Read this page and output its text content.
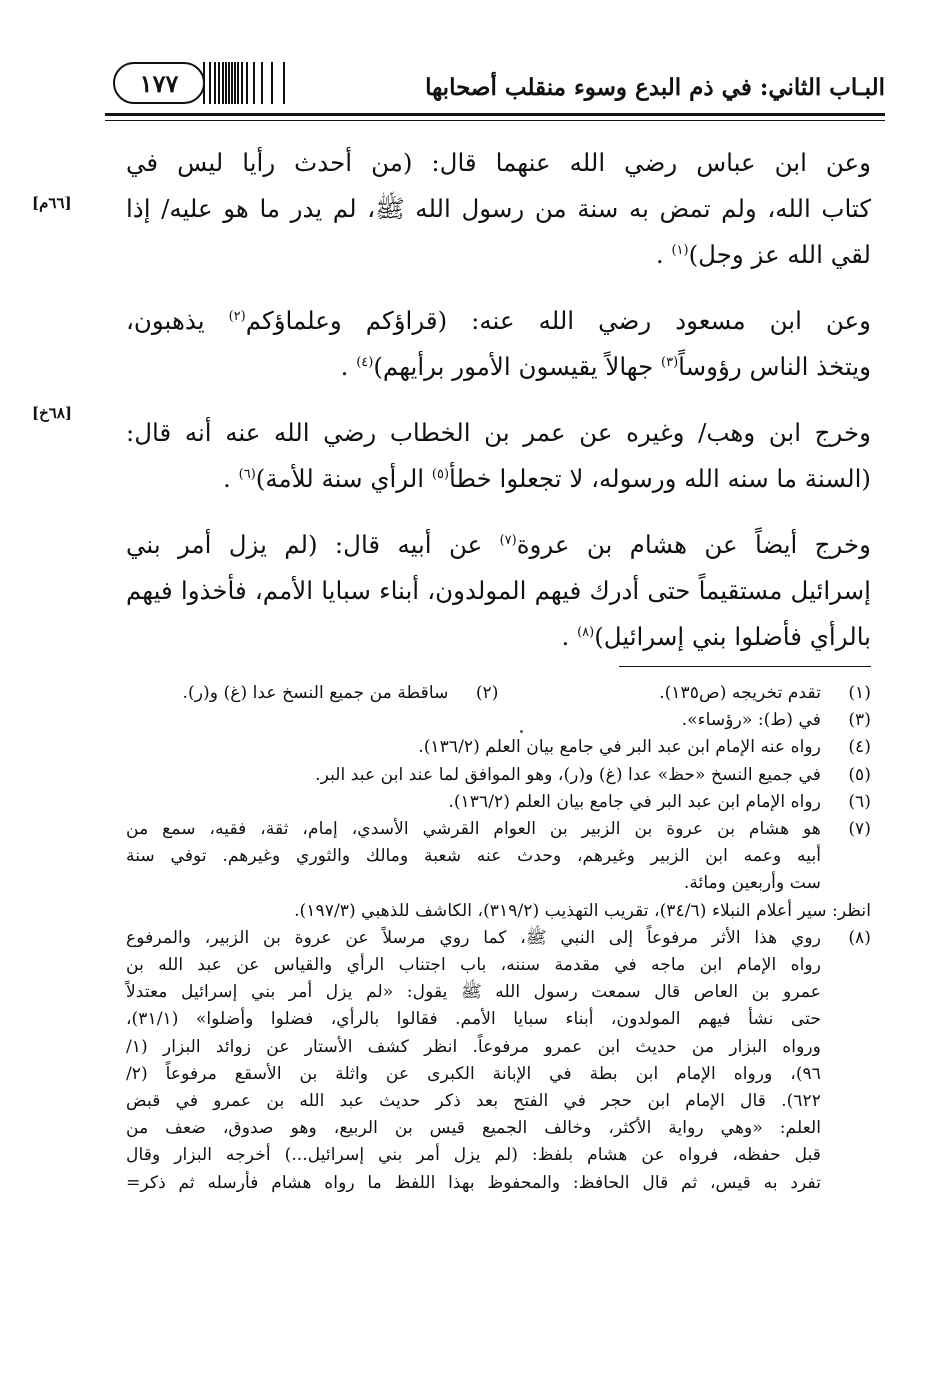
البـاب الثاني: في ذم البدع وسوء منقلب أصحابها
١٧٧
[٦٦م]
[٦٨خ]
وعن ابن عباس رضي الله عنهما قال: (من أحدث رأيا ليس في
كتاب الله، ولم تمض به سنة من رسول الله ﷺ، لم يدر ما هو عليه/ إذا
لقي الله عز وجل)$^{(١)}$ .
وعن ابن مسعود رضي الله عنه: (قراؤكم وعلماؤكم$^{(٢)}$ يذهبون،
ويتخذ الناس رؤوساً$^{(٣)}$ جهالاً يقيسون الأمور برأيهم)$^{(٤)}$ .
وخرج ابن وهب/ وغيره عن عمر بن الخطاب رضي الله عنه أنه قال:
(السنة ما سنه الله ورسوله، لا تجعلوا خطأ$^{(٥)}$ الرأي سنة للأمة)$^{(٦)}$ .
وخرج أيضاً عن هشام بن عروة$^{(٧)}$ عن أبيه قال: (لم يزل أمر بني
إسرائيل مستقيماً حتى أدرك فيهم المولدون، أبناء سبايا الأمم، فأخذوا فيهم
بالرأي فأضلوا بني إسرائيل)$^{(٨)}$ .
(١)
تقدم تخريجه (ص١٣٥).
(٢)
ساقطة من جميع النسخ عدا (غ) و(ر).
(٣)
في (ط): «رؤساء».
(٤)
رواه عنه الإمام ابن عبد البر في جامع بيان العلم (١٣٦/٢).
(٥)
في جميع النسخ «حظ» عدا (غ) و(ر)، وهو الموافق لما عند ابن عبد البر.
(٦)
رواه الإمام ابن عبد البر في جامع بيان العلم (١٣٦/٢).
(٧)
هو هشام بن عروة بن الزبير بن العوام القرشي الأسدي، إمام، ثقة، فقيه، سمع من
أبيه وعمه ابن الزبير وغيرهم، وحدث عنه شعبة ومالك والثوري وغيرهم. توفي سنة
ست وأربعين ومائة.
انظر: سير أعلام النبلاء (٣٤/٦)، تقريب التهذيب (٣١٩/٢)، الكاشف للذهبي (١٩٧/٣).
(٨)
روي هذا الأثر مرفوعاً إلى النبي ﷺ، كما روي مرسلاً عن عروة بن الزبير، والمرفوع
رواه الإمام ابن ماجه في مقدمة سننه، باب اجتناب الرأي والقياس عن عبد الله بن
عمرو بن العاص قال سمعت رسول الله ﷺ يقول: «لم يزل أمر بني إسرائيل معتدلاً
حتى نشأ فيهم المولدون، أبناء سبايا الأمم. فقالوا بالرأي، فضلوا وأضلوا» (٣١/١)،
ورواه البزار من حديث ابن عمرو مرفوعاً. انظر كشف الأستار عن زوائد البزار (١/
٩٦)، ورواه الإمام ابن بطة في الإبانة الكبرى عن واثلة بن الأسقع مرفوعاً (٢/
٦٢٢). قال الإمام ابن حجر في الفتح بعد ذكر حديث عبد الله بن عمرو في قبض
العلم: «وهي رواية الأكثر، وخالف الجميع قيس بن الربيع، وهو صدوق، ضعف من
قبل حفظه، فرواه عن هشام بلفظ: (لم يزل أمر بني إسرائيل...) أخرجه البزار وقال
تفرد به قيس، ثم قال الحافظ: والمحفوظ بهذا اللفظ ما رواه هشام فأرسله ثم ذكر=
